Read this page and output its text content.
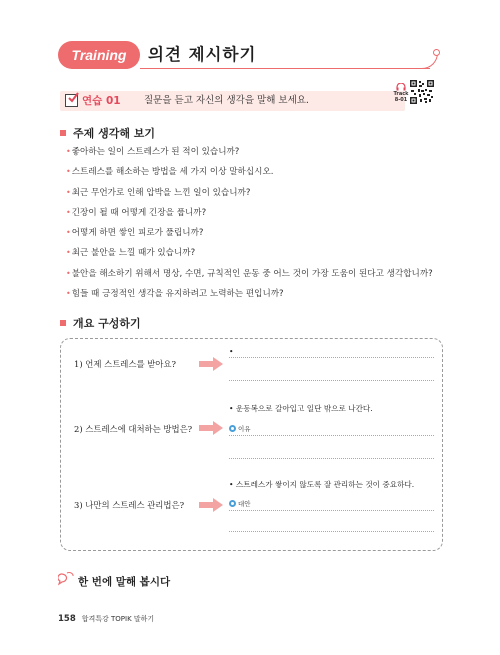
Training	의견 제시하기
연습 01 질문을 듣고 자신의 생각을 말해 보세요.
Track
8-01
주제 생각해 보기
•좋아하는 일이 스트레스가 된 적이 있습니까?
•스트레스를 해소하는 방법을 세 가지 이상 말하십시오.
•최근 무언가로 인해 압박을 느낀 일이 있습니까?
•긴장이 될 때 어떻게 긴장을 풉니까?
•어떻게 하면 쌓인 피로가 풀립니까?
•최근 불안을 느낄 때가 있습니까?
•불안을 해소하기 위해서 명상, 수면, 규칙적인 운동 중 어느 것이 가장 도움이 된다고 생각합니까?
•힘들 때 긍정적인 생각을 유지하려고 노력하는 편입니까?
개요 구성하기
1) 언제 스트레스를 받아요?
•
2) 스트레스에 대처하는 방법은?
• 운동복으로 갈아입고 일단 밖으로 나간다.
이유
3) 나만의 스트레스 관리법은?
• 스트레스가 쌓이지 않도록 잘 관리하는 것이 중요하다.
대안
한 번에 말해 봅시다
158 합격특강 TOPIK 말하기
